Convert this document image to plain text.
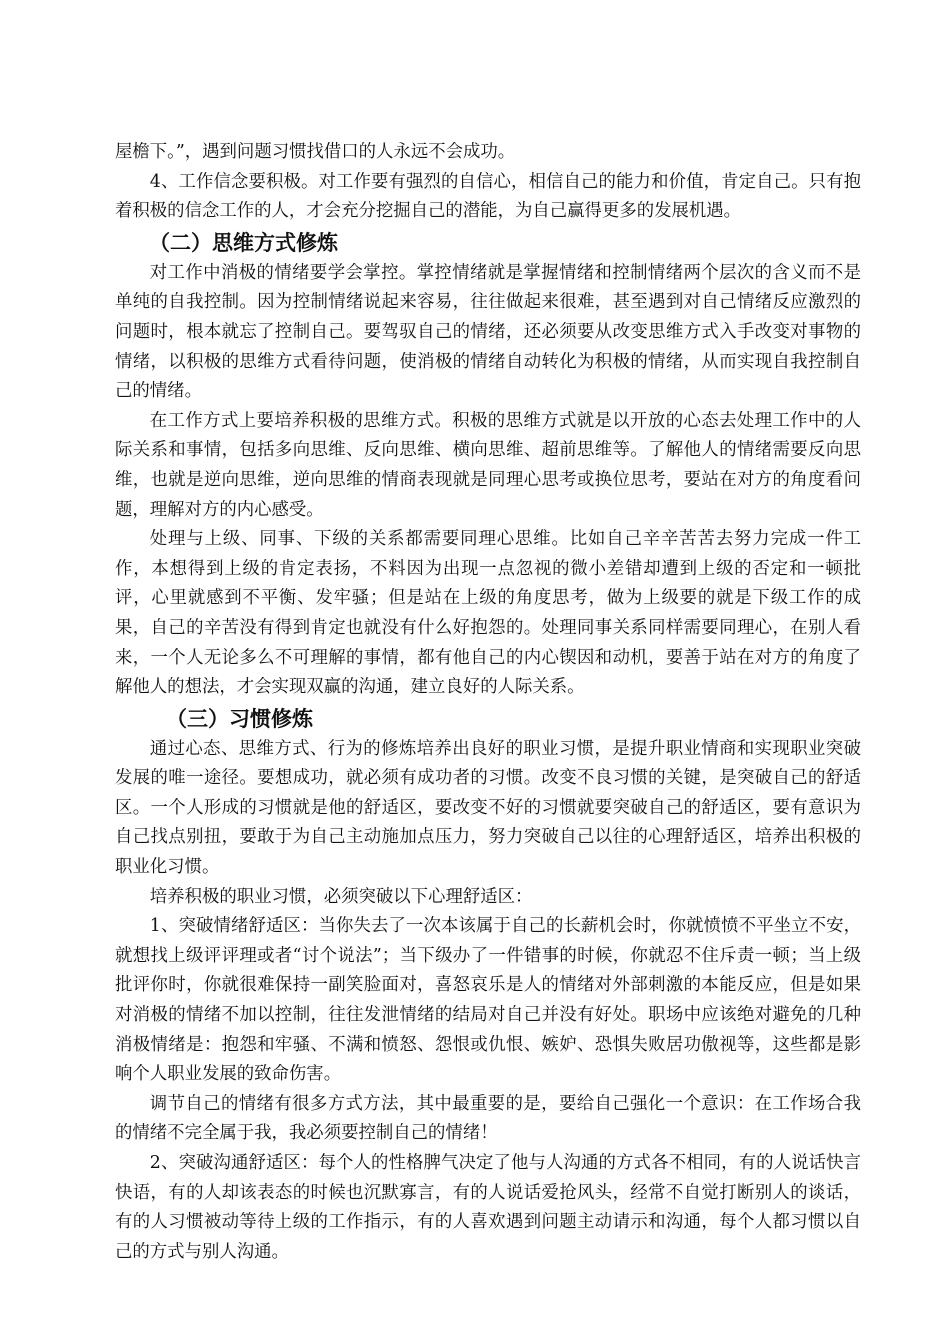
屋檐下。”，遇到问题习惯找借口的人永远不会成功。

4、工作信念要积极。对工作要有强烈的自信心，相信自己的能力和价值，肯定自己。只有抱着积极的信念工作的人，才会充分挖掘自己的潜能，为自己赢得更多的发展机遇。

（二）思维方式修炼

对工作中消极的情绪要学会掌控。掌控情绪就是掌握情绪和控制情绪两个层次的含义而不是单纯的自我控制。因为控制情绪说起来容易，往往做起来很难，甚至遇到对自己情绪反应激烈的问题时，根本就忘了控制自己。要驾驭自己的情绪，还必须要从改变思维方式入手改变对事物的情绪，以积极的思维方式看待问题，使消极的情绪自动转化为积极的情绪，从而实现自我控制自己的情绪。

在工作方式上要培养积极的思维方式。积极的思维方式就是以开放的心态去处理工作中的人际关系和事情，包括多向思维、反向思维、横向思维、超前思维等。了解他人的情绪需要反向思维，也就是逆向思维，逆向思维的情商表现就是同理心思考或换位思考，要站在对方的角度看问题，理解对方的内心感受。

处理与上级、同事、下级的关系都需要同理心思维。比如自己辛辛苦苦去努力完成一件工作，本想得到上级的肯定表扬，不料因为出现一点忽视的微小差错却遭到上级的否定和一顿批评，心里就感到不平衡、发牢骚；但是站在上级的角度思考，做为上级要的就是下级工作的成果，自己的辛苦没有得到肯定也就没有什么好抱怨的。处理同事关系同样需要同理心，在别人看来，一个人无论多么不可理解的事情，都有他自己的内心锲因和动机，要善于站在对方的角度了解他人的想法，才会实现双赢的沟通，建立良好的人际关系。

（三）习惯修炼

通过心态、思维方式、行为的修炼培养出良好的职业习惯，是提升职业情商和实现职业突破发展的唯一途径。要想成功，就必须有成功者的习惯。改变不良习惯的关键，是突破自己的舒适区。一个人形成的习惯就是他的舒适区，要改变不好的习惯就要突破自己的舒适区，要有意识为自己找点别扭，要敢于为自己主动施加点压力，努力突破自己以往的心理舒适区，培养出积极的职业化习惯。

培养积极的职业习惯，必须突破以下心理舒适区：

1、突破情绪舒适区：当你失去了一次本该属于自己的长薪机会时，你就愤愤不平坐立不安，就想找上级评评理或者“讨个说法”；当下级办了一件错事的时候，你就忍不住斥责一顿；当上级批评你时，你就很难保持一副笑脸面对，喜怒哀乐是人的情绪对外部刺激的本能反应，但是如果对消极的情绪不加以控制，往往发泄情绪的结局对自己并没有好处。职场中应该绝对避免的几种消极情绪是：抱怨和牢骚、不满和愤怒、怨恨或仇恨、嫉妒、恐惧失败居功傲视等，这些都是影响个人职业发展的致命伤害。

调节自己的情绪有很多方式方法，其中最重要的是，要给自己强化一个意识：在工作场合我的情绪不完全属于我，我必须要控制自己的情绪！

2、突破沟通舒适区：每个人的性格脾气决定了他与人沟通的方式各不相同，有的人说话快言快语，有的人却该表态的时候也沉默寡言，有的人说话爱抢风头，经常不自觉打断别人的谈话，有的人习惯被动等待上级的工作指示，有的人喜欢遇到问题主动请示和沟通，每个人都习惯以自己的方式与别人沟通。
